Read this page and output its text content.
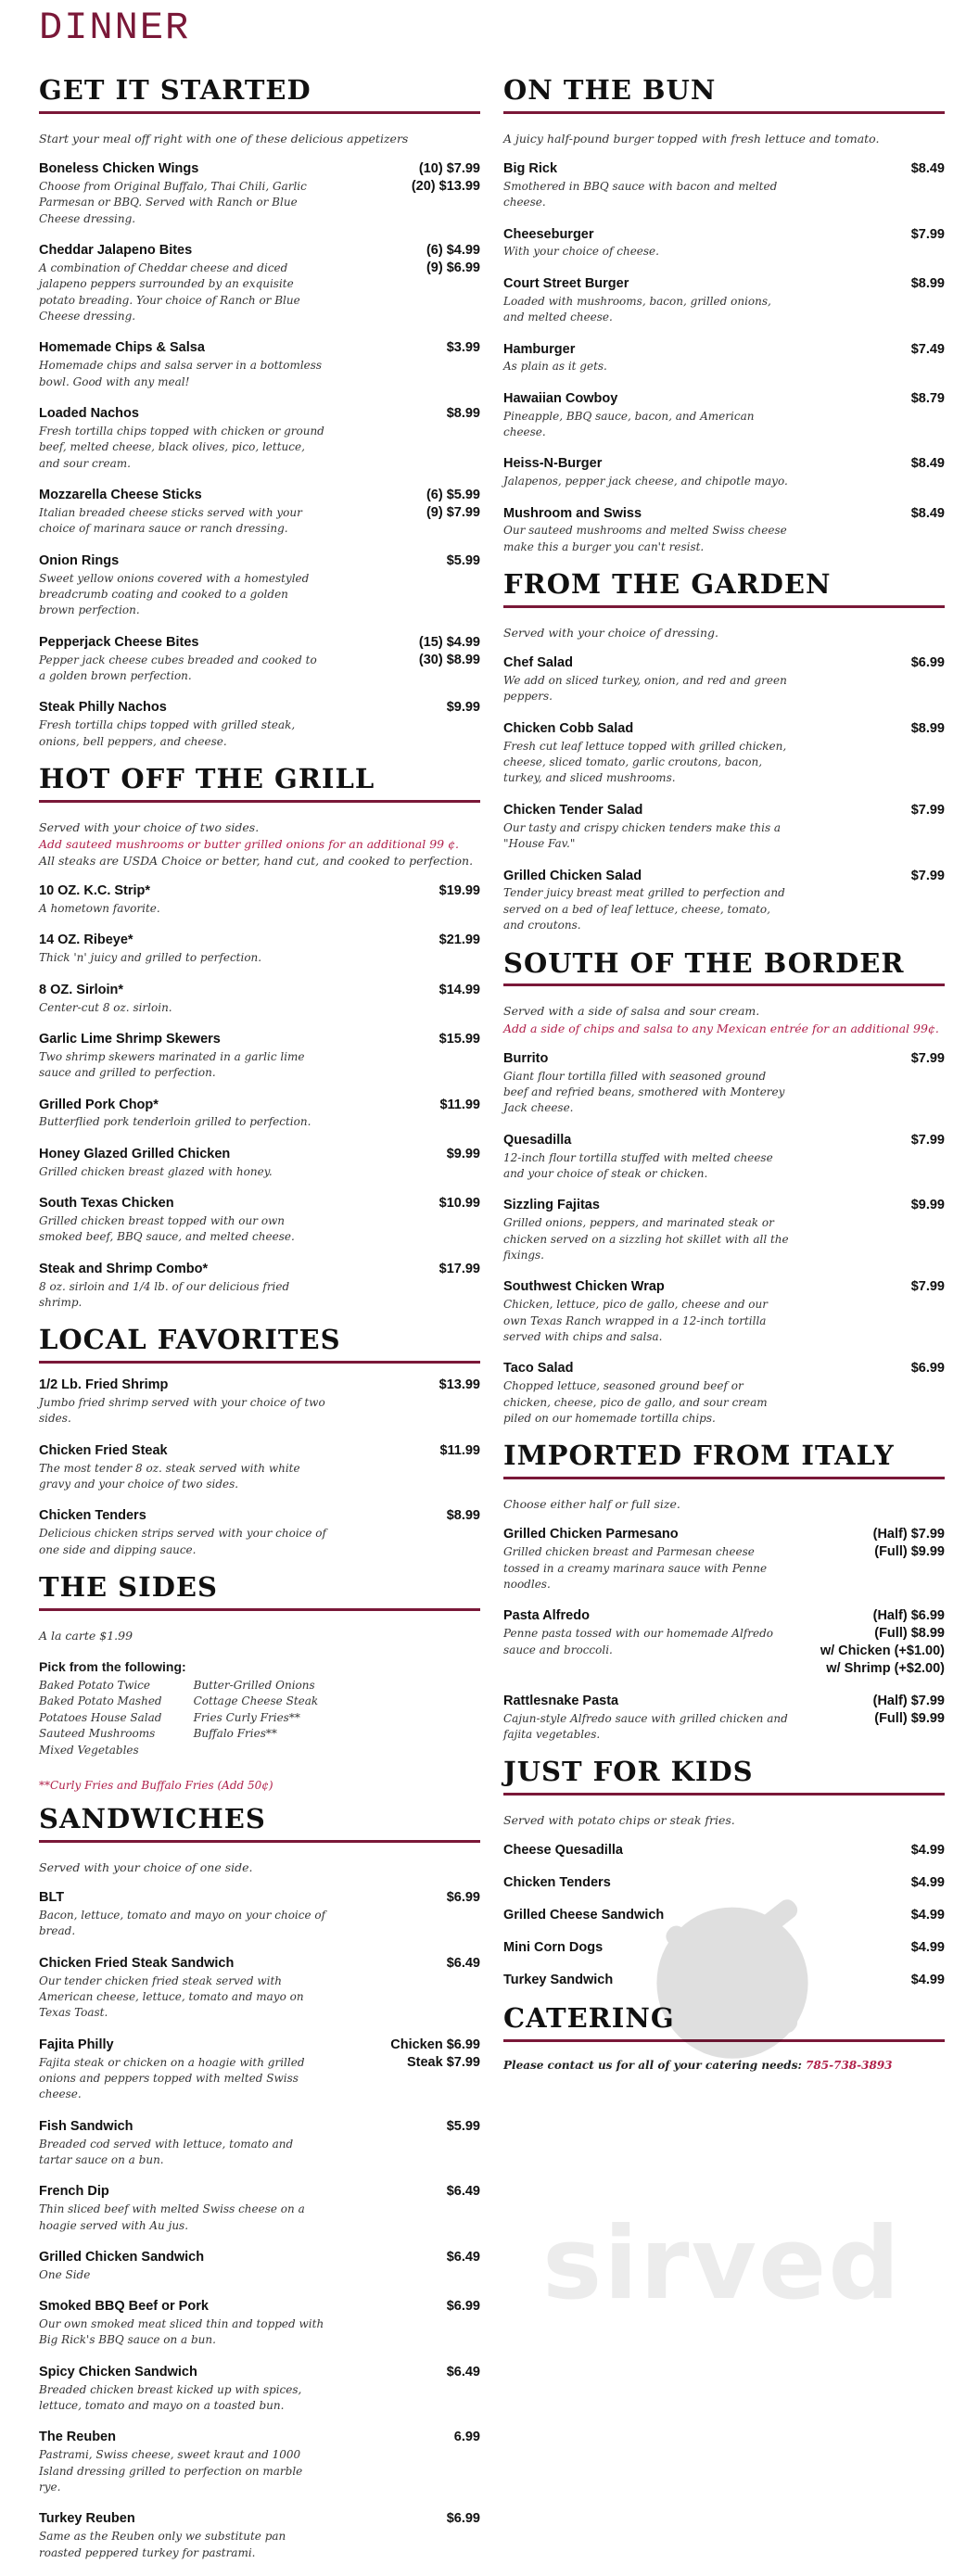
DINNER
GET IT STARTED
Start your meal off right with one of these delicious appetizers
Boneless Chicken Wings
Choose from Original Buffalo, Thai Chili, Garlic Parmesan or BBQ. Served with Ranch or Blue Cheese dressing.
(10) $7.99
(20) $13.99
Cheddar Jalapeno Bites
A combination of Cheddar cheese and diced jalapeno peppers surrounded by an exquisite potato breading. Your choice of Ranch or Blue Cheese dressing.
(6) $4.99
(9) $6.99
Homemade Chips & Salsa
Homemade chips and salsa server in a bottomless bowl. Good with any meal!
$3.99
Loaded Nachos
Fresh tortilla chips topped with chicken or ground beef, melted cheese, black olives, pico, lettuce, and sour cream.
$8.99
Mozzarella Cheese Sticks
Italian breaded cheese sticks served with your choice of marinara sauce or ranch dressing.
(6) $5.99
(9) $7.99
Onion Rings
Sweet yellow onions covered with a homestyled breadcrumb coating and cooked to a golden brown perfection.
$5.99
Pepperjack Cheese Bites
Pepper jack cheese cubes breaded and cooked to a golden brown perfection.
(15) $4.99
(30) $8.99
Steak Philly Nachos
Fresh tortilla chips topped with grilled steak, onions, bell peppers, and cheese.
$9.99
HOT OFF THE GRILL
Served with your choice of two sides.
Add sauteed mushrooms or butter grilled onions for an additional 99 ¢.
All steaks are USDA Choice or better, hand cut, and cooked to perfection.
10 OZ. K.C. Strip*
A hometown favorite.
$19.99
14 OZ. Ribeye*
Thick 'n' juicy and grilled to perfection.
$21.99
8 OZ. Sirloin*
Center-cut 8 oz. sirloin.
$14.99
Garlic Lime Shrimp Skewers
Two shrimp skewers marinated in a garlic lime sauce and grilled to perfection.
$15.99
Grilled Pork Chop*
Butterflied pork tenderloin grilled to perfection.
$11.99
Honey Glazed Grilled Chicken
Grilled chicken breast glazed with honey.
$9.99
South Texas Chicken
Grilled chicken breast topped with our own smoked beef, BBQ sauce, and melted cheese.
$10.99
Steak and Shrimp Combo*
8 oz. sirloin and 1/4 lb. of our delicious fried shrimp.
$17.99
LOCAL FAVORITES
1/2 Lb. Fried Shrimp
Jumbo fried shrimp served with your choice of two sides.
$13.99
Chicken Fried Steak
The most tender 8 oz. steak served with white gravy and your choice of two sides.
$11.99
Chicken Tenders
Delicious chicken strips served with your choice of one side and dipping sauce.
$8.99
THE SIDES
A la carte $1.99
Pick from the following:
Baked Potato Twice
Baked Potato Mashed
Potatoes House Salad
Sauteed Mushrooms
Mixed Vegetables
Butter-Grilled Onions
Cottage Cheese Steak
Fries Curly Fries**
Buffalo Fries**
**Curly Fries and Buffalo Fries (Add 50¢)
SANDWICHES
Served with your choice of one side.
BLT
Bacon, lettuce, tomato and mayo on your choice of bread.
$6.99
Chicken Fried Steak Sandwich
Our tender chicken fried steak served with American cheese, lettuce, tomato and mayo on Texas Toast.
$6.49
Fajita Philly
Fajita steak or chicken on a hoagie with grilled onions and peppers topped with melted Swiss cheese.
Chicken $6.99
Steak $7.99
Fish Sandwich
Breaded cod served with lettuce, tomato and tartar sauce on a bun.
$5.99
French Dip
Thin sliced beef with melted Swiss cheese on a hoagie served with Au jus.
$6.49
Grilled Chicken Sandwich
One Side
$6.49
Smoked BBQ Beef or Pork
Our own smoked meat sliced thin and topped with Big Rick's BBQ sauce on a bun.
$6.99
Spicy Chicken Sandwich
Breaded chicken breast kicked up with spices, lettuce, tomato and mayo on a toasted bun.
$6.49
The Reuben
Pastrami, Swiss cheese, sweet kraut and 1000 Island dressing grilled to perfection on marble rye.
6.99
Turkey Reuben
Same as the Reuben only we substitute pan roasted peppered turkey for pastrami.
$6.99
ON THE BUN
A juicy half-pound burger topped with fresh lettuce and tomato.
Big Rick
Smothered in BBQ sauce with bacon and melted cheese.
$8.49
Cheeseburger
With your choice of cheese.
$7.99
Court Street Burger
Loaded with mushrooms, bacon, grilled onions, and melted cheese.
$8.99
Hamburger
As plain as it gets.
$7.49
Hawaiian Cowboy
Pineapple, BBQ sauce, bacon, and American cheese.
$8.79
Heiss-N-Burger
Jalapenos, pepper jack cheese, and chipotle mayo.
$8.49
Mushroom and Swiss
Our sauteed mushrooms and melted Swiss cheese make this a burger you can't resist.
$8.49
FROM THE GARDEN
Served with your choice of dressing.
Chef Salad
We add on sliced turkey, onion, and red and green peppers.
$6.99
Chicken Cobb Salad
Fresh cut leaf lettuce topped with grilled chicken, cheese, sliced tomato, garlic croutons, bacon, turkey, and sliced mushrooms.
$8.99
Chicken Tender Salad
Our tasty and crispy chicken tenders make this a "House Fav."
$7.99
Grilled Chicken Salad
Tender juicy breast meat grilled to perfection and served on a bed of leaf lettuce, cheese, tomato, and croutons.
$7.99
SOUTH OF THE BORDER
Served with a side of salsa and sour cream.
Add a side of chips and salsa to any Mexican entrée for an additional 99¢.
Burrito
Giant flour tortilla filled with seasoned ground beef and refried beans, smothered with Monterey Jack cheese.
$7.99
Quesadilla
12-inch flour tortilla stuffed with melted cheese and your choice of steak or chicken.
$7.99
Sizzling Fajitas
Grilled onions, peppers, and marinated steak or chicken served on a sizzling hot skillet with all the fixings.
$9.99
Southwest Chicken Wrap
Chicken, lettuce, pico de gallo, cheese and our own Texas Ranch wrapped in a 12-inch tortilla served with chips and salsa.
$7.99
Taco Salad
Chopped lettuce, seasoned ground beef or chicken, cheese, pico de gallo, and sour cream piled on our homemade tortilla chips.
$6.99
IMPORTED FROM ITALY
Choose either half or full size.
Grilled Chicken Parmesano
Grilled chicken breast and Parmesan cheese tossed in a creamy marinara sauce with Penne noodles.
(Half) $7.99
(Full) $9.99
Pasta Alfredo
Penne pasta tossed with our homemade Alfredo sauce and broccoli.
(Half) $6.99
(Full) $8.99
w/ Chicken (+$1.00)
w/ Shrimp (+$2.00)
Rattlesnake Pasta
Cajun-style Alfredo sauce with grilled chicken and fajita vegetables.
(Half) $7.99
(Full) $9.99
JUST FOR KIDS
Served with potato chips or steak fries.
Cheese Quesadilla	$4.99
Chicken Tenders	$4.99
Grilled Cheese Sandwich	$4.99
Mini Corn Dogs	$4.99
Turkey Sandwich	$4.99
CATERING
Please contact us for all of your catering needs: 785-738-3893
sirved
